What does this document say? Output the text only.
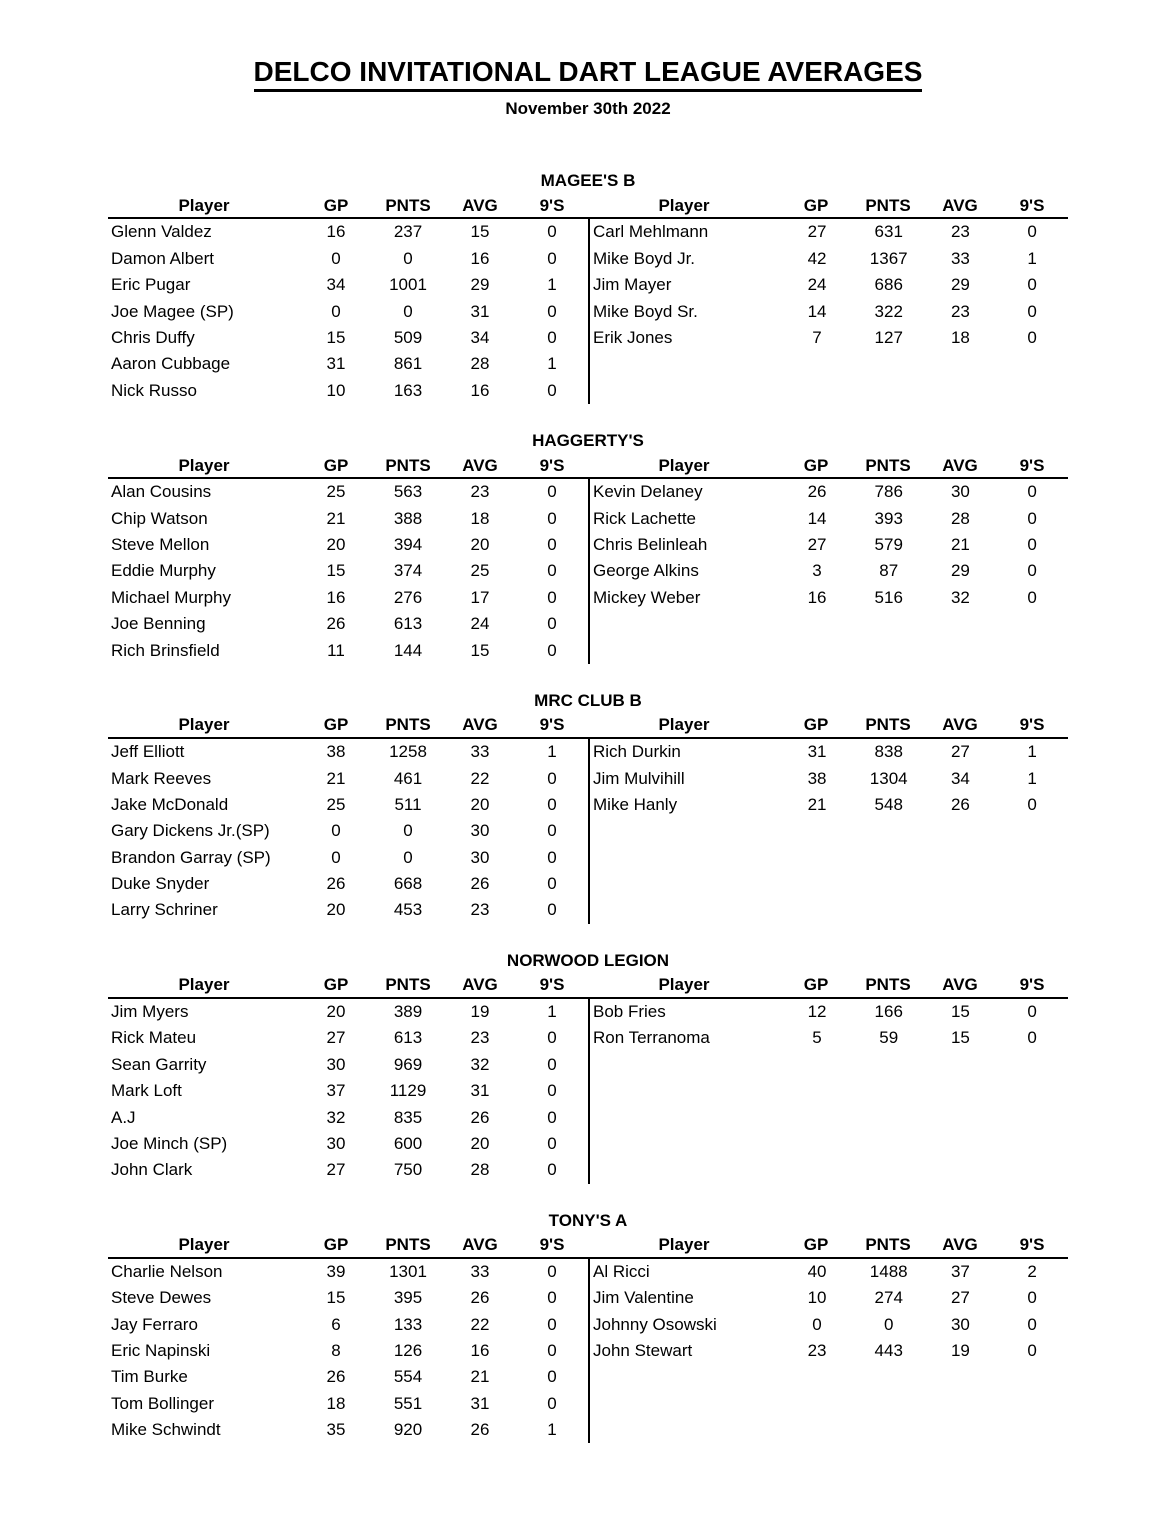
DELCO INVITATIONAL DART LEAGUE AVERAGES
November 30th 2022
MAGEE'S B
Player	GP	PNTS	AVG	9'S
Glenn Valdez	16	237	15	0
Damon Albert	0	0	16	0
Eric Pugar	34	1001	29	1
Joe Magee (SP)	0	0	31	0
Chris Duffy	15	509	34	0
Aaron Cubbage	31	861	28	1
Nick Russo	10	163	16	0
Player	GP	PNTS	AVG	9'S
Carl Mehlmann	27	631	23	0
Mike Boyd Jr.	42	1367	33	1
Jim Mayer	24	686	29	0
Mike Boyd Sr.	14	322	23	0
Erik Jones	7	127	18	0
HAGGERTY'S
Player	GP	PNTS	AVG	9'S
Alan Cousins	25	563	23	0
Chip Watson	21	388	18	0
Steve Mellon	20	394	20	0
Eddie Murphy	15	374	25	0
Michael Murphy	16	276	17	0
Joe Benning	26	613	24	0
Rich Brinsfield	11	144	15	0
Player	GP	PNTS	AVG	9'S
Kevin Delaney	26	786	30	0
Rick Lachette	14	393	28	0
Chris Belinleah	27	579	21	0
George Alkins	3	87	29	0
Mickey Weber	16	516	32	0
MRC CLUB B
Player	GP	PNTS	AVG	9'S
Jeff Elliott	38	1258	33	1
Mark Reeves	21	461	22	0
Jake McDonald	25	511	20	0
Gary Dickens Jr.(SP)	0	0	30	0
Brandon Garray (SP)	0	0	30	0
Duke Snyder	26	668	26	0
Larry Schriner	20	453	23	0
Player	GP	PNTS	AVG	9'S
Rich Durkin	31	838	27	1
Jim Mulvihill	38	1304	34	1
Mike Hanly	21	548	26	0
NORWOOD LEGION
Player	GP	PNTS	AVG	9'S
Jim Myers	20	389	19	1
Rick Mateu	27	613	23	0
Sean Garrity	30	969	32	0
Mark Loft	37	1129	31	0
A.J	32	835	26	0
Joe Minch (SP)	30	600	20	0
John Clark	27	750	28	0
Player	GP	PNTS	AVG	9'S
Bob Fries	12	166	15	0
Ron Terranoma	5	59	15	0
TONY'S A
Player	GP	PNTS	AVG	9'S
Charlie Nelson	39	1301	33	0
Steve Dewes	15	395	26	0
Jay Ferraro	6	133	22	0
Eric Napinski	8	126	16	0
Tim Burke	26	554	21	0
Tom Bollinger	18	551	31	0
Mike Schwindt	35	920	26	1
Player	GP	PNTS	AVG	9'S
Al Ricci	40	1488	37	2
Jim Valentine	10	274	27	0
Johnny Osowski	0	0	30	0
John Stewart	23	443	19	0
